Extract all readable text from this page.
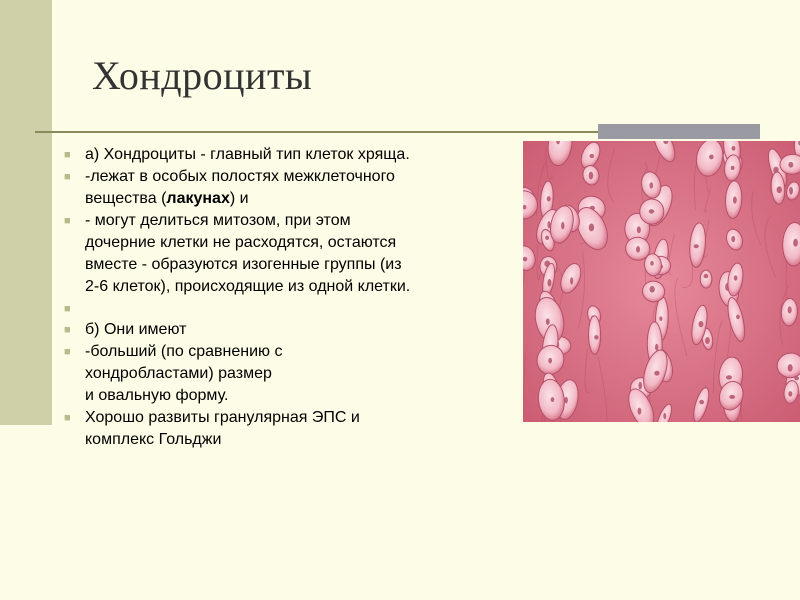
Хондроциты
■ а) Хондроциты - главный тип клеток хряща.
■ -лежат в особых полостях межклеточного
вещества (лакунах) и
■ - могут делиться митозом, при этом
дочерние клетки не расходятся, остаются
вместе - образуются изогенные группы (из
2-6 клеток), происходящие из одной клетки.
■
■ б) Они имеют
■ -больший (по сравнению с
хондробластами) размер
и овальную форму.
■ Хорошо развиты гранулярная ЭПС и
комплекс Гольджи
